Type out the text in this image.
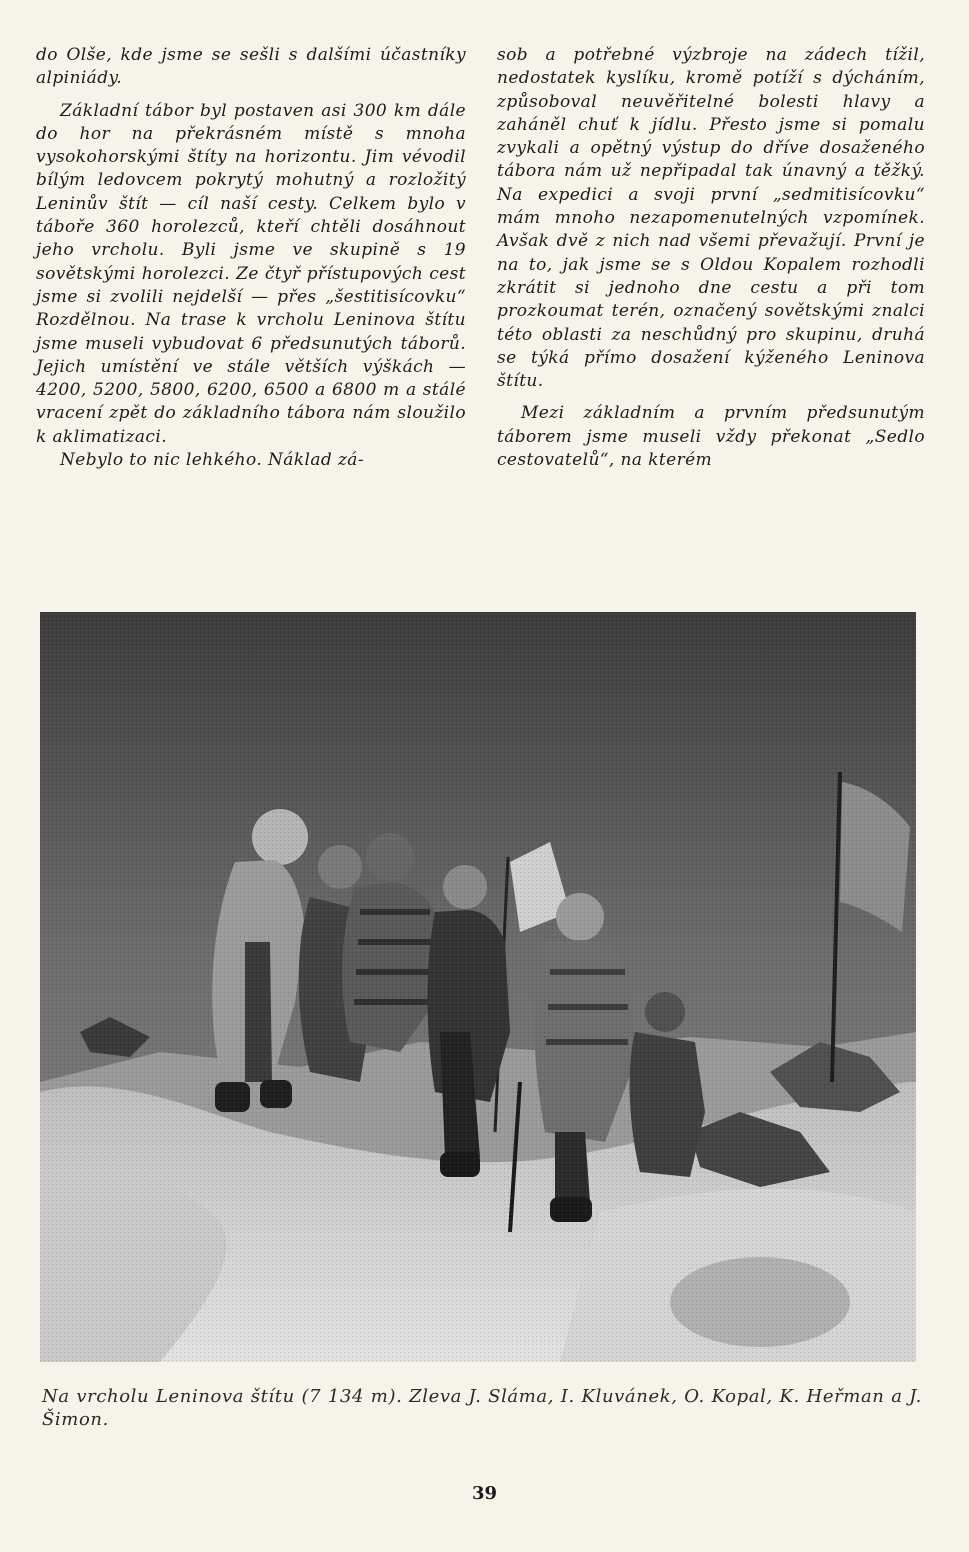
do Olše, kde jsme se sešli s dalšími účastníky alpiniády.

Základní tábor byl postaven asi 300 km dále do hor na překrásném místě s mnoha vysokohorskými štíty na horizontu. Jim vévodil bílým ledovcem pokrytý mohutný a rozložitý Leninův štít — cíl naší cesty. Celkem bylo v táboře 360 horolezců, kteří chtěli dosáhnout jeho vrcholu. Byli jsme ve skupině s 19 sovětskými horolezci. Ze čtyř přístupových cest jsme si zvolili nejdelší — přes „šestitisícovku“ Rozdělnou. Na trase k vrcholu Leninova štítu jsme museli vybudovat 6 předsunutých táborů. Jejich umístění ve stále větších výškách — 4200, 5200, 5800, 6200, 6500 a 6800 m a stálé vracení zpět do základního tábora nám sloužilo k aklimatizaci.

Nebylo to nic lehkého. Náklad zá-

sob a potřebné výzbroje na zádech tížil, nedostatek kyslíku, kromě potíží s dýcháním, způsoboval neuvěřitelné bolesti hlavy a zaháněl chuť k jídlu. Přesto jsme si pomalu zvykali a opětný výstup do dříve dosaženého tábora nám už nepřipadal tak únavný a těžký. Na expedici a svoji první „sedmitisícovku“ mám mnoho nezapomenutelných vzpomínek. Avšak dvě z nich nad všemi převažují. První je na to, jak jsme se s Oldou Kopalem rozhodli zkrátit si jednoho dne cestu a při tom prozkoumat terén, označený sovětskými znalci této oblasti za neschůdný pro skupinu, druhá se týká přímo dosažení kýženého Leninova štítu.

Mezi základním a prvním předsunutým táborem jsme museli vždy překonat „Sedlo cestovatelů“, na kterém

Na vrcholu Leninova štítu (7 134 m). Zleva J. Sláma, I. Kluvánek, O. Kopal, K. Heřman a J. Šimon.
39
